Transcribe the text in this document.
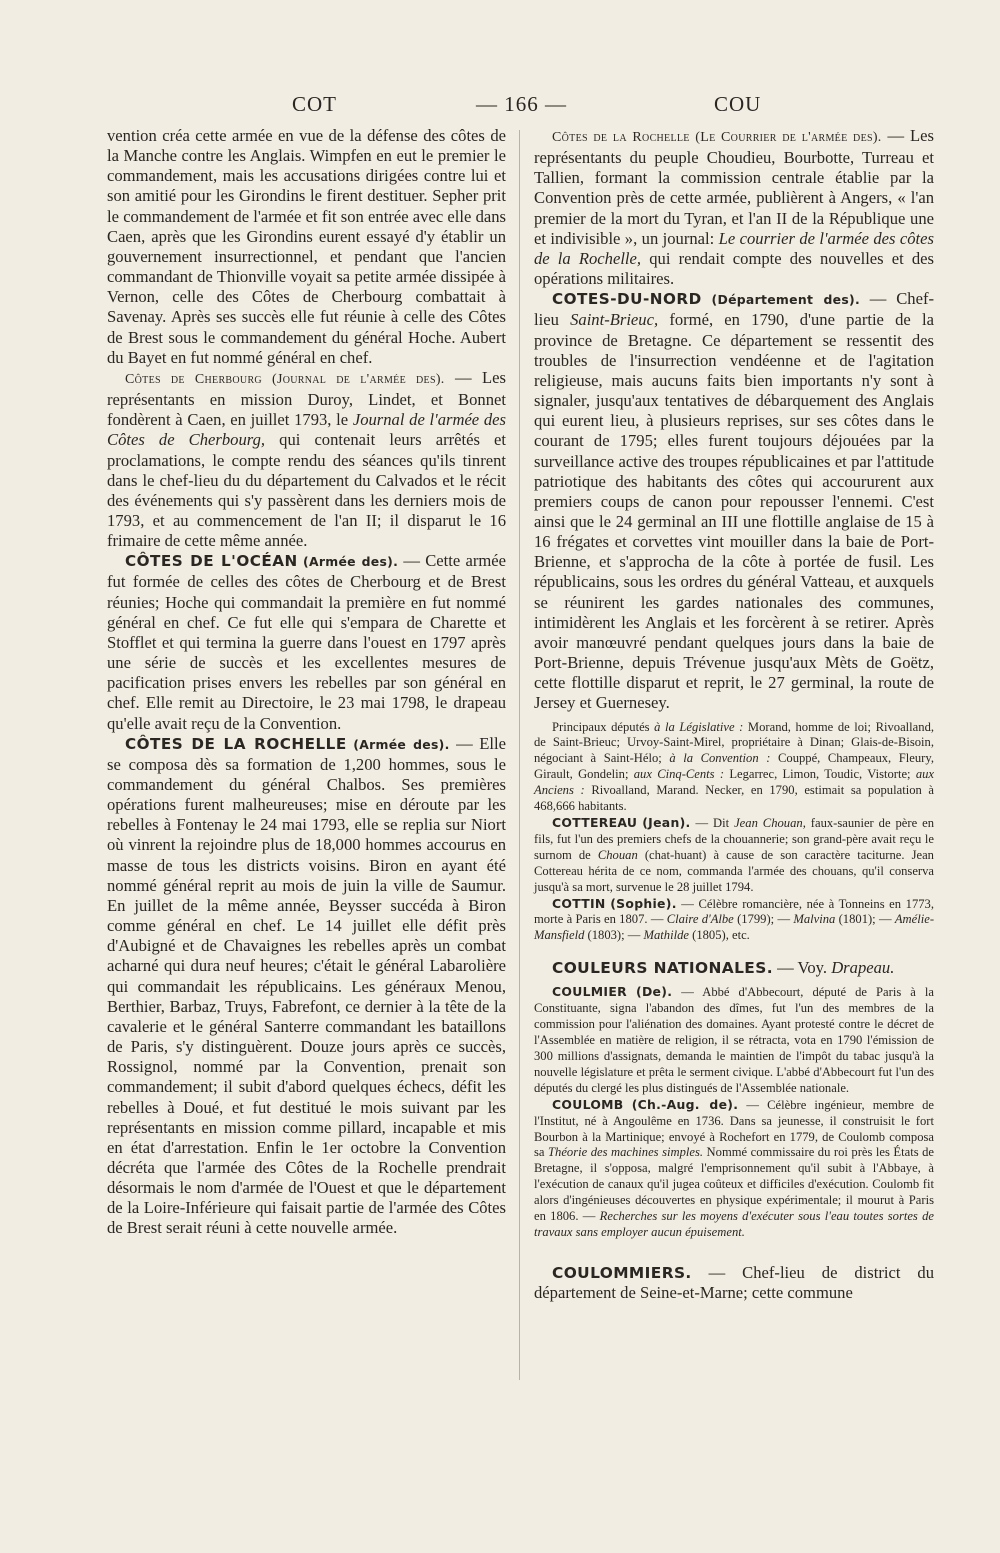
COT	— 166 —	COU

vention créa cette armée en vue de la défense des côtes de la Manche contre les Anglais. Wimpfen en eut le premier le commandement, mais les accusations dirigées contre lui et son amitié pour les Girondins le firent destituer. Sepher prit le commandement de l'armée et fit son entrée avec elle dans Caen, après que les Girondins eurent essayé d'y établir un gouvernement insurrectionnel, et pendant que l'ancien commandant de Thionville voyait sa petite armée dissipée à Vernon, celle des Côtes de Cherbourg combattait à Savenay. Après ses succès elle fut réunie à celle des Côtes de Brest sous le commandement du général Hoche. Aubert du Bayet en fut nommé général en chef.

Côtes de Cherbourg (Journal de l'armée des). — Les représentants en mission Duroy, Lindet, et Bonnet fondèrent à Caen, en juillet 1793, le Journal de l'armée des Côtes de Cherbourg, qui contenait leurs arrêtés et proclamations, le compte rendu des séances qu'ils tinrent dans le chef-lieu du du département du Calvados et le récit des événements qui s'y passèrent dans les derniers mois de 1793, et au commencement de l'an II; il disparut le 16 frimaire de cette même année.

CÔTES DE L'OCÉAN (Armée des). — Cette armée fut formée de celles des côtes de Cherbourg et de Brest réunies; Hoche qui commandait la première en fut nommé général en chef. Ce fut elle qui s'empara de Charette et Stofflet et qui termina la guerre dans l'ouest en 1797 après une série de succès et les excellentes mesures de pacification prises envers les rebelles par son général en chef. Elle remit au Directoire, le 23 mai 1798, le drapeau qu'elle avait reçu de la Convention.

CÔTES DE LA ROCHELLE (Armée des). — Elle se composa dès sa formation de 1,200 hommes, sous le commandement du général Chalbos. Ses premières opérations furent malheureuses; mise en déroute par les rebelles à Fontenay le 24 mai 1793, elle se replia sur Niort où vinrent la rejoindre plus de 18,000 hommes accourus en masse de tous les districts voisins. Biron en ayant été nommé général reprit au mois de juin la ville de Saumur. En juillet de la même année, Beysser succéda à Biron comme général en chef. Le 14 juillet elle défit près d'Aubigné et de Chavaignes les rebelles après un combat acharné qui dura neuf heures; c'était le général Labarolière qui commandait les républicains. Les généraux Menou, Berthier, Barbaz, Truys, Fabrefont, ce dernier à la tête de la cavalerie et le général Santerre commandant les bataillons de Paris, s'y distinguèrent. Douze jours après ce succès, Rossignol, nommé par la Convention, prenait son commandement; il subit d'abord quelques échecs, défit les rebelles à Doué, et fut destitué le mois suivant par les représentants en mission comme pillard, incapable et mis en état d'arrestation. Enfin le 1er octobre la Convention décréta que l'armée des Côtes de la Rochelle prendrait désormais le nom d'armée de l'Ouest et que le département de la Loire-Inférieure qui faisait partie de l'armée des Côtes de Brest serait réuni à cette nouvelle armée.

Côtes de la Rochelle (Le Courrier de l'armée des). — Les représentants du peuple Choudieu, Bourbotte, Turreau et Tallien, formant la commission centrale établie par la Convention près de cette armée, publièrent à Angers, « l'an premier de la mort du Tyran, et l'an II de la République une et indivisible », un journal: Le courrier de l'armée des côtes de la Rochelle, qui rendait compte des nouvelles et des opérations militaires.

COTES-DU-NORD (Département des). — Chef-lieu Saint-Brieuc, formé, en 1790, d'une partie de la province de Bretagne. Ce département se ressentit des troubles de l'insurrection vendéenne et de l'agitation religieuse, mais aucuns faits bien importants n'y sont à signaler, jusqu'aux tentatives de débarquement des Anglais qui eurent lieu, à plusieurs reprises, sur ses côtes dans le courant de 1795; elles furent toujours déjouées par la surveillance active des troupes républicaines et par l'attitude patriotique des habitants des côtes qui accoururent aux premiers coups de canon pour repousser l'ennemi. C'est ainsi que le 24 germinal an III une flottille anglaise de 15 à 16 frégates et corvettes vint mouiller dans la baie de Port-Brienne, et s'approcha de la côte à portée de fusil. Les républicains, sous les ordres du général Vatteau, et auxquels se réunirent les gardes nationales des communes, intimidèrent les Anglais et les forcèrent à se retirer. Après avoir manœuvré pendant quelques jours dans la baie de Port-Brienne, depuis Trévenue jusqu'aux Mèts de Goëtz, cette flottille disparut et reprit, le 27 germinal, la route de Jersey et Guernesey.

Principaux députés à la Législative : Morand, homme de loi; Rivoalland, de Saint-Brieuc; Urvoy-Saint-Mirel, propriétaire à Dinan; Glais-de-Bisoin, négociant à Saint-Hélo; à la Convention : Couppé, Champeaux, Fleury, Girault, Gondelin; aux Cinq-Cents : Legarrec, Limon, Toudic, Vistorte; aux Anciens : Rivoalland, Marand. Necker, en 1790, estimait sa population à 468,666 habitants.

COTTEREAU (Jean). — Dit Jean Chouan, faux-saunier de père en fils, fut l'un des premiers chefs de la chouannerie; son grand-père avait reçu le surnom de Chouan (chat-huant) à cause de son caractère taciturne. Jean Cottereau hérita de ce nom, commanda l'armée des chouans, qu'il conserva jusqu'à sa mort, survenue le 28 juillet 1794.

COTTIN (Sophie). — Célèbre romancière, née à Tonneins en 1773, morte à Paris en 1807. — Claire d'Albe (1799); — Malvina (1801); — Amélie-Mansfield (1803); — Mathilde (1805), etc.

COULEURS NATIONALES. — Voy. Drapeau.

COULMIER (De). — Abbé d'Abbecourt, député de Paris à la Constituante, signa l'abandon des dîmes, fut l'un des membres de la commission pour l'aliénation des domaines. Ayant protesté contre le décret de l'Assemblée en matière de religion, il se rétracta, vota en 1790 l'émission de 300 millions d'assignats, demanda le maintien de l'impôt du tabac jusqu'à la nouvelle législature et prêta le serment civique. L'abbé d'Abbecourt fut l'un des députés du clergé les plus distingués de l'Assemblée nationale.

COULOMB (Ch.-Aug. de). — Célèbre ingénieur, membre de l'Institut, né à Angoulême en 1736. Dans sa jeunesse, il construisit le fort Bourbon à la Martinique; envoyé à Rochefort en 1779, de Coulomb composa sa Théorie des machines simples. Nommé commissaire du roi près les États de Bretagne, il s'opposa, malgré l'emprisonnement qu'il subit à l'Abbaye, à l'exécution de canaux qu'il jugea coûteux et difficiles d'exécution. Coulomb fit alors d'ingénieuses découvertes en physique expérimentale; il mourut à Paris en 1806. — Recherches sur les moyens d'exécuter sous l'eau toutes sortes de travaux sans employer aucun épuisement.

COULOMMIERS. — Chef-lieu de district du département de Seine-et-Marne; cette commune
